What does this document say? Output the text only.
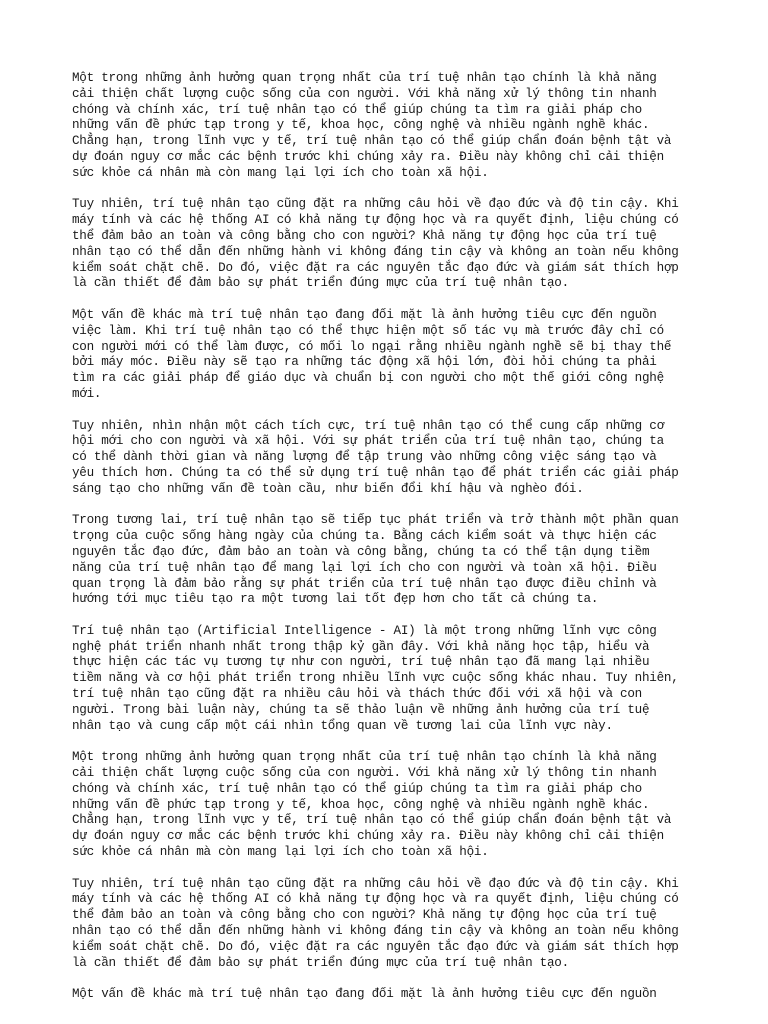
Một trong những ảnh hưởng quan trọng nhất của trí tuệ nhân tạo chính là khả năng
cải thiện chất lượng cuộc sống của con người. Với khả năng xử lý thông tin nhanh
chóng và chính xác, trí tuệ nhân tạo có thể giúp chúng ta tìm ra giải pháp cho
những vấn đề phức tạp trong y tế, khoa học, công nghệ và nhiều ngành nghề khác.
Chẳng hạn, trong lĩnh vực y tế, trí tuệ nhân tạo có thể giúp chẩn đoán bệnh tật và
dự đoán nguy cơ mắc các bệnh trước khi chúng xảy ra. Điều này không chỉ cải thiện
sức khỏe cá nhân mà còn mang lại lợi ích cho toàn xã hội.

Tuy nhiên, trí tuệ nhân tạo cũng đặt ra những câu hỏi về đạo đức và độ tin cậy. Khi
máy tính và các hệ thống AI có khả năng tự động học và ra quyết định, liệu chúng có
thể đảm bảo an toàn và công bằng cho con người? Khả năng tự động học của trí tuệ
nhân tạo có thể dẫn đến những hành vi không đáng tin cậy và không an toàn nếu không
kiểm soát chặt chẽ. Do đó, việc đặt ra các nguyên tắc đạo đức và giám sát thích hợp
là cần thiết để đảm bảo sự phát triển đúng mực của trí tuệ nhân tạo.

Một vấn đề khác mà trí tuệ nhân tạo đang đối mặt là ảnh hưởng tiêu cực đến nguồn
việc làm. Khi trí tuệ nhân tạo có thể thực hiện một số tác vụ mà trước đây chỉ có
con người mới có thể làm được, có mối lo ngại rằng nhiều ngành nghề sẽ bị thay thế
bởi máy móc. Điều này sẽ tạo ra những tác động xã hội lớn, đòi hỏi chúng ta phải
tìm ra các giải pháp để giáo dục và chuẩn bị con người cho một thế giới công nghệ
mới.

Tuy nhiên, nhìn nhận một cách tích cực, trí tuệ nhân tạo có thể cung cấp những cơ
hội mới cho con người và xã hội. Với sự phát triển của trí tuệ nhân tạo, chúng ta
có thể dành thời gian và năng lượng để tập trung vào những công việc sáng tạo và
yêu thích hơn. Chúng ta có thể sử dụng trí tuệ nhân tạo để phát triển các giải pháp
sáng tạo cho những vấn đề toàn cầu, như biến đổi khí hậu và nghèo đói.

Trong tương lai, trí tuệ nhân tạo sẽ tiếp tục phát triển và trở thành một phần quan
trọng của cuộc sống hàng ngày của chúng ta. Bằng cách kiểm soát và thực hiện các
nguyên tắc đạo đức, đảm bảo an toàn và công bằng, chúng ta có thể tận dụng tiềm
năng của trí tuệ nhân tạo để mang lại lợi ích cho con người và toàn xã hội. Điều
quan trọng là đảm bảo rằng sự phát triển của trí tuệ nhân tạo được điều chỉnh và
hướng tới mục tiêu tạo ra một tương lai tốt đẹp hơn cho tất cả chúng ta.

Trí tuệ nhân tạo (Artificial Intelligence - AI) là một trong những lĩnh vực công
nghệ phát triển nhanh nhất trong thập kỷ gần đây. Với khả năng học tập, hiểu và
thực hiện các tác vụ tương tự như con người, trí tuệ nhân tạo đã mang lại nhiều
tiềm năng và cơ hội phát triển trong nhiều lĩnh vực cuộc sống khác nhau. Tuy nhiên,
trí tuệ nhân tạo cũng đặt ra nhiều câu hỏi và thách thức đối với xã hội và con
người. Trong bài luận này, chúng ta sẽ thảo luận về những ảnh hưởng của trí tuệ
nhân tạo và cung cấp một cái nhìn tổng quan về tương lai của lĩnh vực này.

Một trong những ảnh hưởng quan trọng nhất của trí tuệ nhân tạo chính là khả năng
cải thiện chất lượng cuộc sống của con người. Với khả năng xử lý thông tin nhanh
chóng và chính xác, trí tuệ nhân tạo có thể giúp chúng ta tìm ra giải pháp cho
những vấn đề phức tạp trong y tế, khoa học, công nghệ và nhiều ngành nghề khác.
Chẳng hạn, trong lĩnh vực y tế, trí tuệ nhân tạo có thể giúp chẩn đoán bệnh tật và
dự đoán nguy cơ mắc các bệnh trước khi chúng xảy ra. Điều này không chỉ cải thiện
sức khỏe cá nhân mà còn mang lại lợi ích cho toàn xã hội.

Tuy nhiên, trí tuệ nhân tạo cũng đặt ra những câu hỏi về đạo đức và độ tin cậy. Khi
máy tính và các hệ thống AI có khả năng tự động học và ra quyết định, liệu chúng có
thể đảm bảo an toàn và công bằng cho con người? Khả năng tự động học của trí tuệ
nhân tạo có thể dẫn đến những hành vi không đáng tin cậy và không an toàn nếu không
kiểm soát chặt chẽ. Do đó, việc đặt ra các nguyên tắc đạo đức và giám sát thích hợp
là cần thiết để đảm bảo sự phát triển đúng mực của trí tuệ nhân tạo.

Một vấn đề khác mà trí tuệ nhân tạo đang đối mặt là ảnh hưởng tiêu cực đến nguồn
